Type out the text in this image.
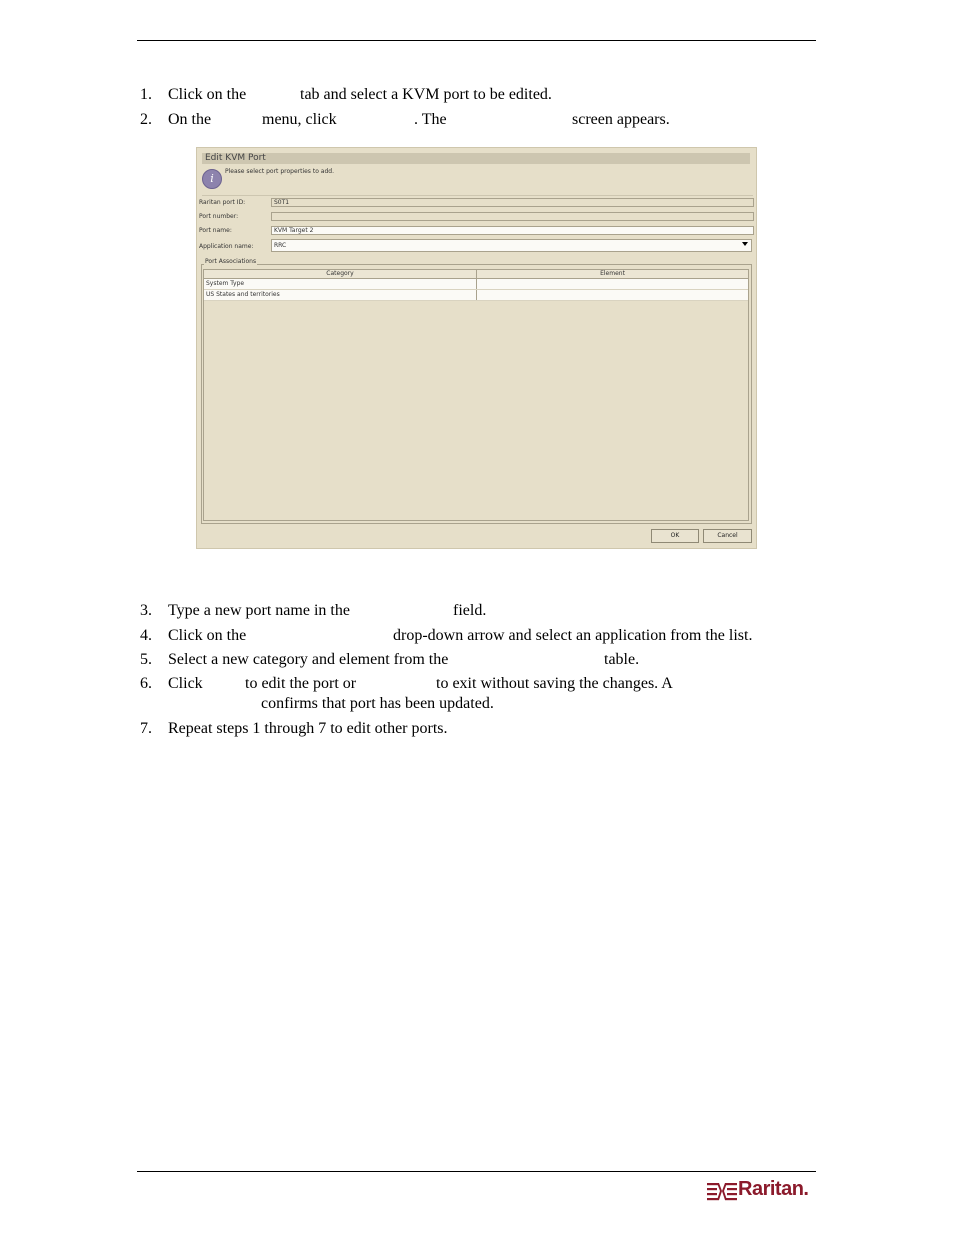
1. Click on the	tab and select a KVM port to be edited.
2. On the	menu, click	. The	screen appears.
3. Type a new port name in the	field.
4. Click on the	drop-down arrow and select an application from the list.
5. Select a new category and element from the	table.
6. Click	to edit the port or	to exit without saving the changes. A
confirms that port has been updated.
7. Repeat steps 1 through 7 to edit other ports.
Edit KVM Port
i
Please select port properties to add.
Raritan port ID:	S0T1
Port number:
Port name:	KVM Target 2
Application name:	RRC
Port Associations
Category	Element
System Type
US States and territories
OK	Cancel
Raritan.
